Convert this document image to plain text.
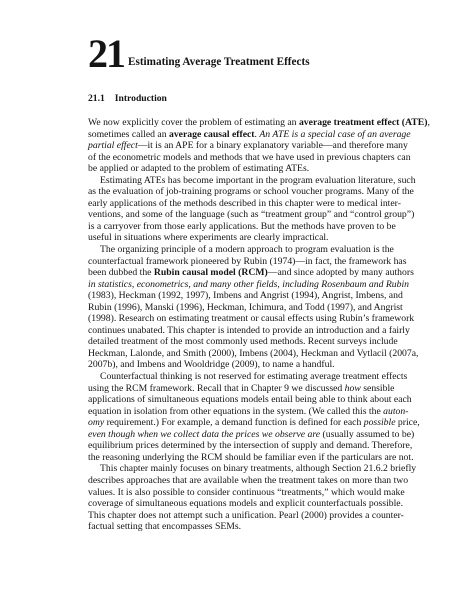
21 Estimating Average Treatment Effects
21.1 Introduction
We now explicitly cover the problem of estimating an average treatment effect (ATE),
sometimes called an average causal effect. An ATE is a special case of an average
partial effect—it is an APE for a binary explanatory variable—and therefore many
of the econometric models and methods that we have used in previous chapters can
be applied or adapted to the problem of estimating ATEs.
Estimating ATEs has become important in the program evaluation literature, such
as the evaluation of job-training programs or school voucher programs. Many of the
early applications of the methods described in this chapter were to medical inter-
ventions, and some of the language (such as “treatment group” and “control group”)
is a carryover from those early applications. But the methods have proven to be
useful in situations where experiments are clearly impractical.
The organizing principle of a modern approach to program evaluation is the
counterfactual framework pioneered by Rubin (1974)—in fact, the framework has
been dubbed the Rubin causal model (RCM)—and since adopted by many authors
in statistics, econometrics, and many other fields, including Rosenbaum and Rubin
(1983), Heckman (1992, 1997), Imbens and Angrist (1994), Angrist, Imbens, and
Rubin (1996), Manski (1996), Heckman, Ichimura, and Todd (1997), and Angrist
(1998). Research on estimating treatment or causal effects using Rubin’s framework
continues unabated. This chapter is intended to provide an introduction and a fairly
detailed treatment of the most commonly used methods. Recent surveys include
Heckman, Lalonde, and Smith (2000), Imbens (2004), Heckman and Vytlacil (2007a,
2007b), and Imbens and Wooldridge (2009), to name a handful.
Counterfactual thinking is not reserved for estimating average treatment effects
using the RCM framework. Recall that in Chapter 9 we discussed how sensible
applications of simultaneous equations models entail being able to think about each
equation in isolation from other equations in the system. (We called this the auton-
omy requirement.) For example, a demand function is defined for each possible price,
even though when we collect data the prices we observe are (usually assumed to be)
equilibrium prices determined by the intersection of supply and demand. Therefore,
the reasoning underlying the RCM should be familiar even if the particulars are not.
This chapter mainly focuses on binary treatments, although Section 21.6.2 briefly
describes approaches that are available when the treatment takes on more than two
values. It is also possible to consider continuous “treatments,” which would make
coverage of simultaneous equations models and explicit counterfactuals possible.
This chapter does not attempt such a unification. Pearl (2000) provides a counter-
factual setting that encompasses SEMs.
